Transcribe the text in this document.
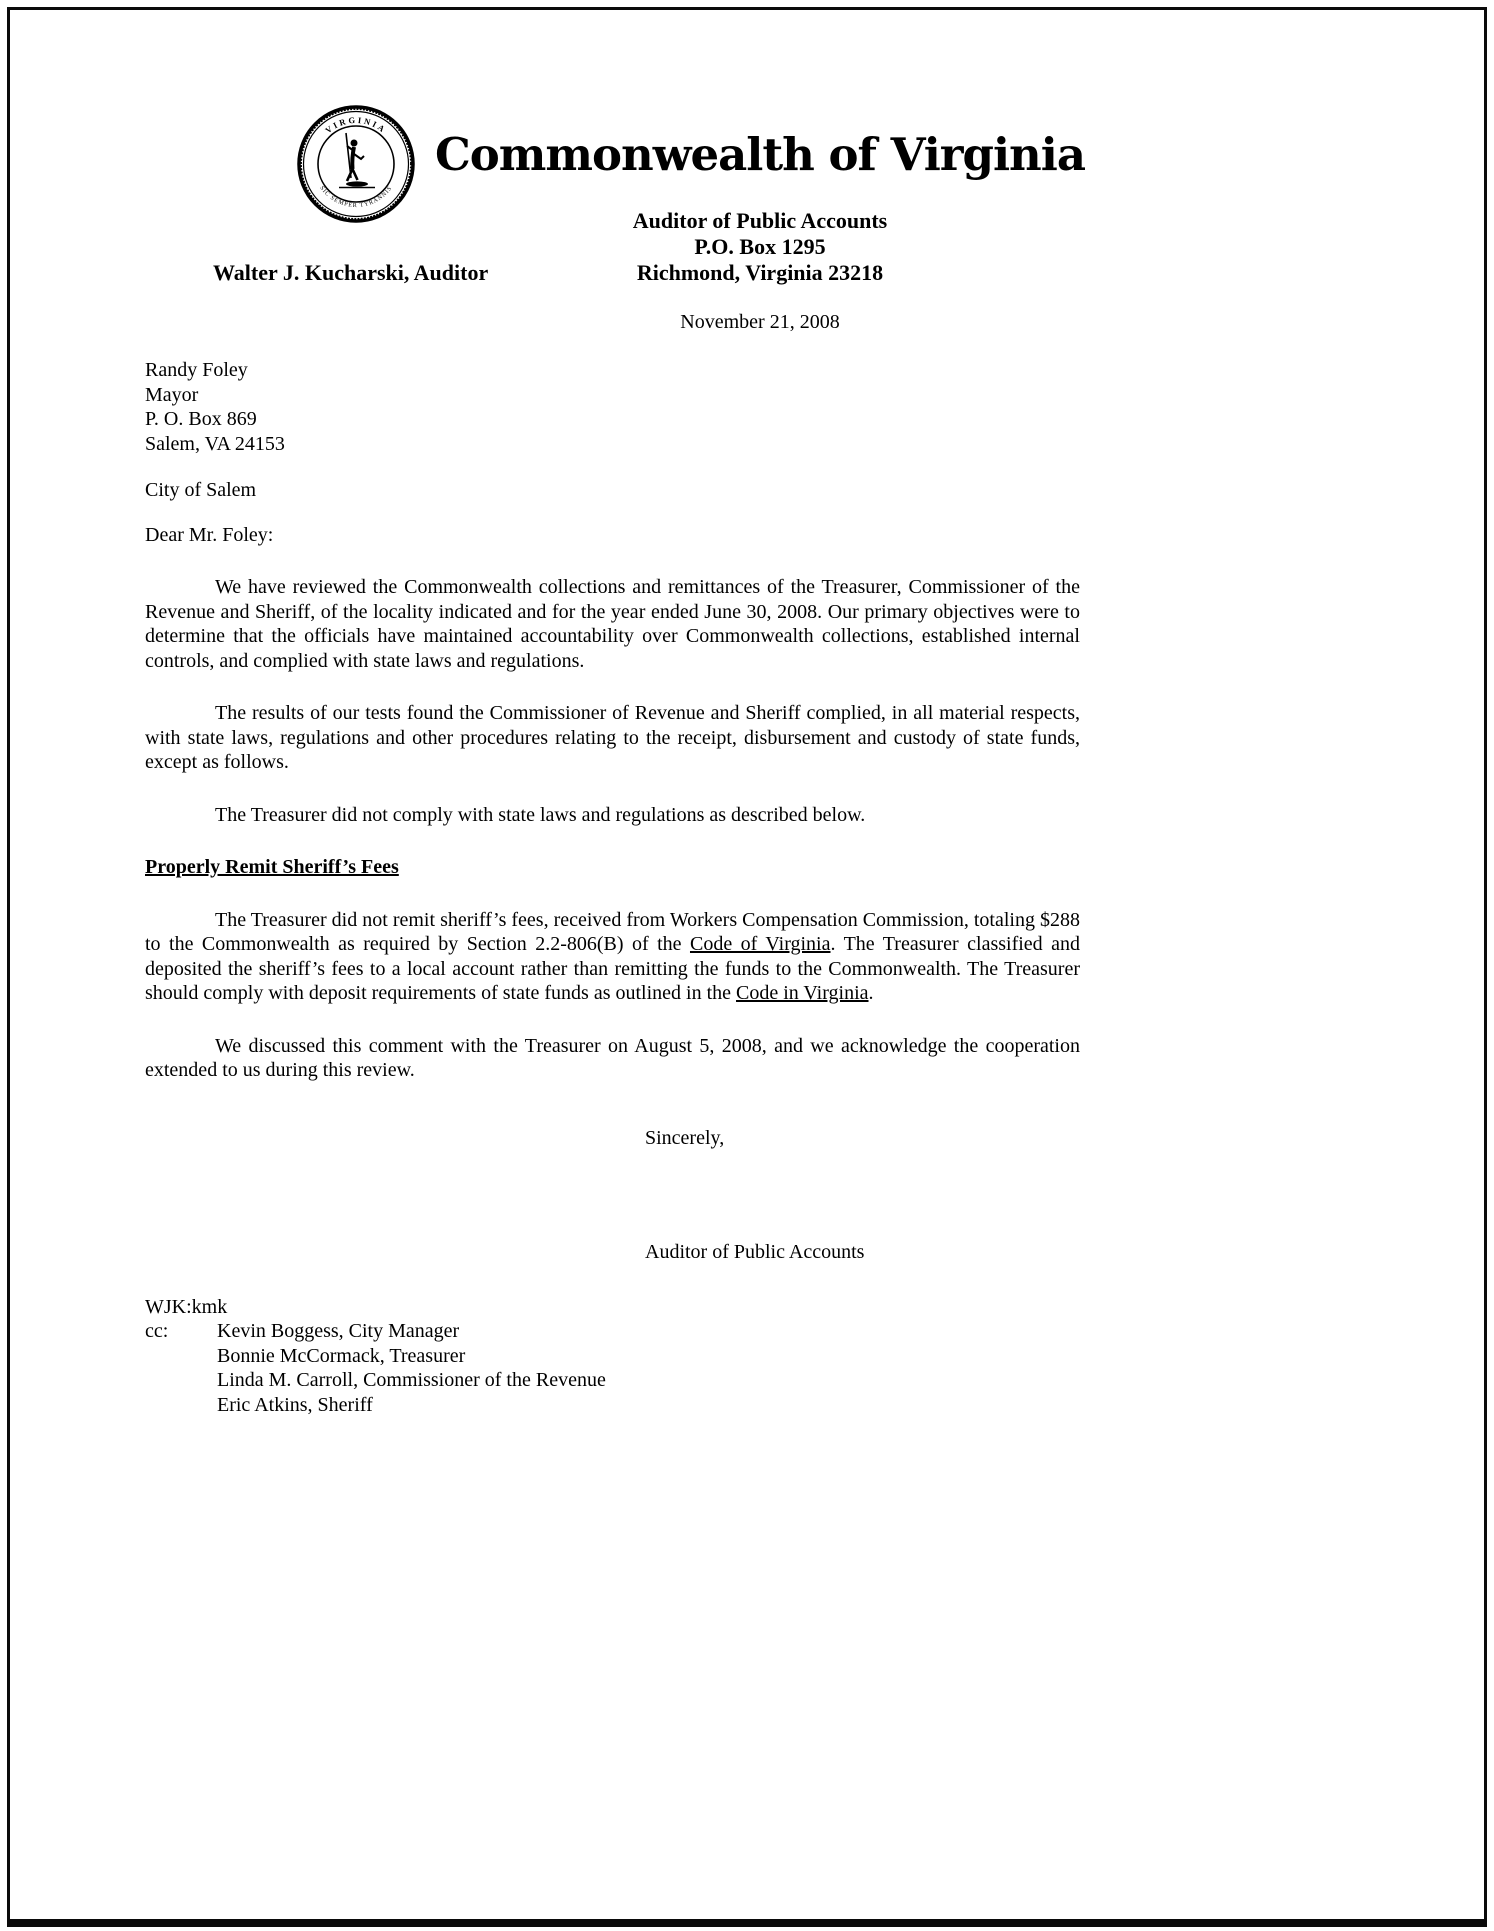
VIRGINIA
SIC SEMPER TYRANNIS
Commonwealth of Virginia
Auditor of Public Accounts
P.O. Box 1295
Richmond, Virginia 23218
Walter J. Kucharski, Auditor
November 21, 2008
Randy Foley
Mayor
P. O. Box 869
Salem, VA 24153
City of Salem
Dear Mr. Foley:

We have reviewed the Commonwealth collections and remittances of the Treasurer, Commissioner of the Revenue and Sheriff, of the locality indicated and for the year ended June 30, 2008. Our primary objectives were to determine that the officials have maintained accountability over Commonwealth collections, established internal controls, and complied with state laws and regulations.

The results of our tests found the Commissioner of Revenue and Sheriff complied, in all material respects, with state laws, regulations and other procedures relating to the receipt, disbursement and custody of state funds, except as follows.

The Treasurer did not comply with state laws and regulations as described below.

Properly Remit Sheriff’s Fees

The Treasurer did not remit sheriff’s fees, received from Workers Compensation Commission, totaling $288 to the Commonwealth as required by Section 2.2-806(B) of the Code of Virginia. The Treasurer classified and deposited the sheriff’s fees to a local account rather than remitting the funds to the Commonwealth. The Treasurer should comply with deposit requirements of state funds as outlined in the Code in Virginia.

We discussed this comment with the Treasurer on August 5, 2008, and we acknowledge the cooperation extended to us during this review.

Sincerely,
Auditor of Public Accounts
WJK:kmk
cc:	Kevin Boggess, City Manager
Bonnie McCormack, Treasurer
Linda M. Carroll, Commissioner of the Revenue
Eric Atkins, Sheriff
